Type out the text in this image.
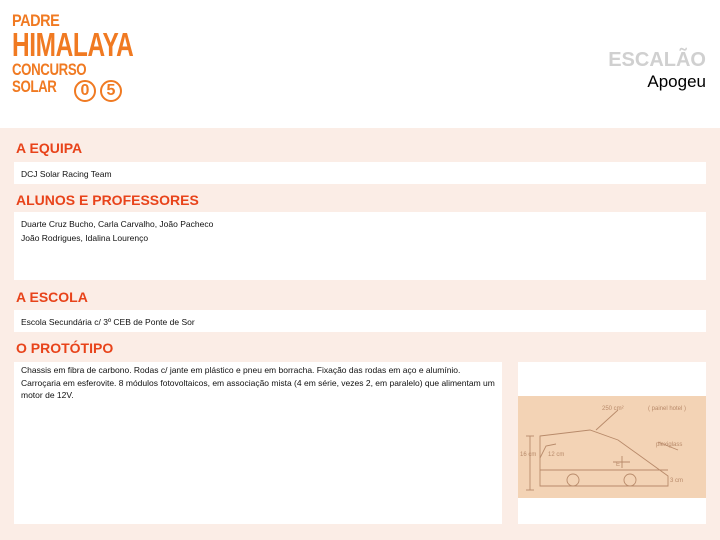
PADRE
HIMALAYA
CONCURSO SOLAR	0	5
ESCALÃO
Apogeu
A EQUIPA
DCJ Solar Racing Team
ALUNOS E PROFESSORES
Duarte Cruz Bucho, Carla Carvalho, João Pacheco
João Rodrigues, Idalina Lourenço
A ESCOLA
Escola Secundária c/ 3º CEB de Ponte de Sor
O PROTÓTIPO
Chassis em fibra de carbono. Rodas c/ jante em plástico e pneu em borracha. Fixação das rodas em aço e alumínio. Carroçaria em esferovite. 8 módulos fotovoltaicos, em associação mista (4 em série, vezes 2, em paralelo) que alimentam um motor de 12V.
250 cm²	( painel hotel )
16 cm 12 cm
plexiglass
3 cm
E
